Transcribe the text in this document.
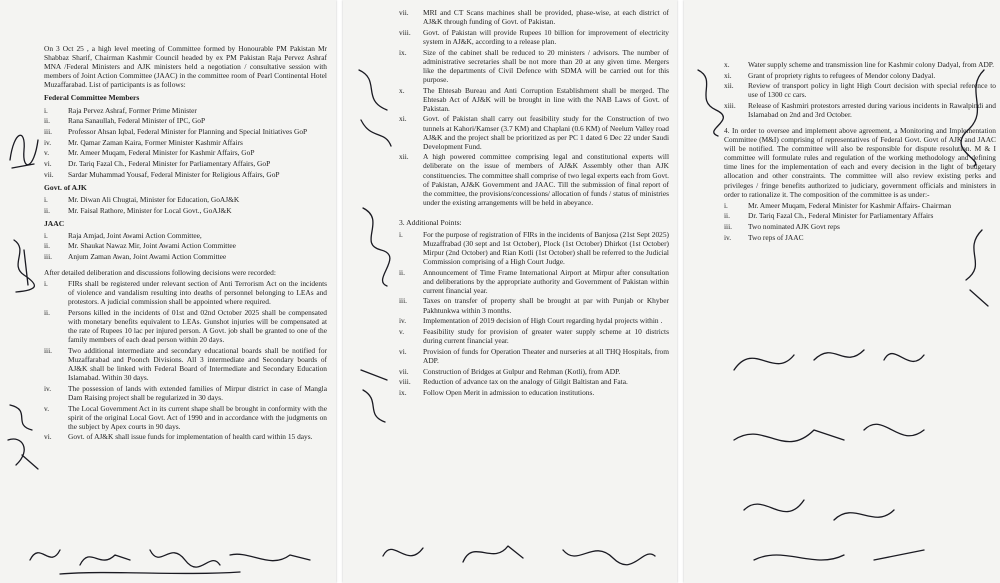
On 3 Oct 25 , a high level meeting of Committee formed by Honourable PM Pakistan Mr Shabbaz Sharif, Chairman Kashmir Council headed by ex PM Pakistan Raja Pervez Ashraf MNA /Federal Ministers and AJK ministers held a negotiation / consultative session with members of Joint Action Committee (JAAC) in the committee room of Pearl Continental Hotel Muzaffarabad. List of participants is as follows:

Federal Committee Members
i.	Raja Pervez Ashraf, Former Prime Minister
ii.	Rana Sanaullah, Federal Minister of IPC, GoP
iii.	Professor Ahsan Iqbal, Federal Minister for Planning and Special Initiatives GoP
iv.	Mr. Qamar Zaman Kaira, Former Minister Kashmir Affairs
v.	Mr. Ameer Muqam, Federal Minister for Kashmir Affairs, GoP
vi.	Dr. Tariq Fazal Ch., Federal Minister for Parliamentary Affairs, GoP
vii.	Sardar Muhammad Yousaf, Federal Minister for Religious Affairs, GoP
Govt. of AJK
i.	Mr. Diwan Ali Chugtai, Minister for Education, GoAJ&K
ii.	Mr. Faisal Rathore, Minister for Local Govt., GoAJ&K
JAAC
i.	Raja Amjad, Joint Awami Action Committee,
ii.	Mr. Shaukat Nawaz Mir, Joint Awami Action Committee
iii.	Anjum Zaman Awan, Joint Awami Action Committee

After detailed deliberation and discussions following decisions were recorded:

i.	FIRs shall be registered under relevant section of Anti Terrorism Act on the incidents of violence and vandalism resulting into deaths of personnel belonging to LEAs and protestors. A judicial commission shall be appointed where required.
ii.	Persons killed in the incidents of 01st and 02nd October 2025 shall be compensated with monetary benefits equivalent to LEAs. Gunshot injuries will be compensated at the rate of Rupees 10 lac per injured person. A Govt. job shall be granted to one of the family members of each dead person within 20 days.
iii.	Two additional intermediate and secondary educational boards shall be notified for Muzaffarabad and Poonch Divisions. All 3 intermediate and Secondary boards of AJ&K shall be linked with Federal Board of Intermediate and Secondary Education Islamabad. Within 30 days.
iv.	The possession of lands with extended families of Mirpur district in case of Mangla Dam Raising project shall be regularized in 30 days.
v.	The Local Government Act in its current shape shall be brought in conformity with the spirit of the original Local Govt. Act of 1990 and in accordance with the judgments on the subject by Apex courts in 90 days.
vi.	Govt. of AJ&K shall issue funds for implementation of health card within 15 days.
vii.	MRI and CT Scans machines shall be provided, phase-wise, at each district of AJ&K through funding of Govt. of Pakistan.
viii.	Govt. of Pakistan will provide Rupees 10 billion for improvement of electricity system in AJ&K, according to a release plan.
ix.	Size of the cabinet shall be reduced to 20 ministers / advisors. The number of administrative secretaries shall be not more than 20 at any given time. Mergers like the departments of Civil Defence with SDMA will be carried out for this purpose.
x.	The Ehtesab Bureau and Anti Corruption Establishment shall be merged. The Ehtesab Act of AJ&K will be brought in line with the NAB Laws of Govt. of Pakistan.
xi.	Govt. of Pakistan shall carry out feasibility study for the Construction of two tunnels at Kahori/Kamser (3.7 KM) and Chaplani (0.6 KM) of Neelum Valley road AJ&K and the project shall be prioritized as per PC 1 dated 6 Dec 22 under Saudi Development Fund.
xii.	A high powered committee comprising legal and constitutional experts will deliberate on the issue of members of AJ&K Assembly other than AJK constituencies. The committee shall comprise of two legal experts each from Govt. of Pakistan, AJ&K Government and JAAC. Till the submission of final report of the committee, the provisions/concessions/ allocation of funds / status of ministries under the existing arrangements will be held in abeyance.
3. Additional Points:
i.	For the purpose of registration of FIRs in the incidents of Banjosa (21st Sept 2025) Muzaffrabad (30 sept and 1st October), Plock (1st October) Dhirkot (1st October) Mirpur (2nd October) and Rian Kotli (1st October) shall be referred to the Judicial Commission comprising of a High Court Judge.
ii.	Announcement of Time Frame International Airport at Mirpur after consultation and deliberations by the appropriate authority and Government of Pakistan within current financial year.
iii.	Taxes on transfer of property shall be brought at par with Punjab or Khyber Pakhtunkwa within 3 months.
iv.	Implementation of 2019 decision of High Court regarding hydal projects within .
v.	Feasibility study for provision of greater water supply scheme at 10 districts during current financial year.
vi.	Provision of funds for Operation Theater and nurseries at all THQ Hospitals, from ADP.
vii.	Construction of Bridges at Gulpur and Rehman (Kotli), from ADP.
viii.	Reduction of advance tax on the analogy of Gilgit Baltistan and Fata.
ix.	Follow Open Merit in admission to education institutions.
x.	Water supply scheme and transmission line for Kashmir colony Dadyal, from ADP.
xi.	Grant of propriety rights to refugees of Mendor colony Dadyal.
xii.	Review of transport policy in light High Court decision with special reference to use of 1300 cc cars.
xiii.	Release of Kashmiri protestors arrested during various incidents in Rawalpindi and Islamabad on 2nd and 3rd October.

4. In order to oversee and implement above agreement, a Monitoring and Implementation Committee (M&I) comprising of representatives of Federal Govt. Govt of AJK and JAAC will be notified. The committee will also be responsible for dispute resolution. M & I committee will formulate rules and regulation of the working methodology and defining time lines for the implementation of each and every decision in the light of budgetary allocation and other constraints. The committee will also review existing perks and privileges / fringe benefits authorized to judiciary, government officials and ministers in order to rationalize it. The composition of the committee is as under:-

i.	Mr. Ameer Muqam, Federal Minister for Kashmir Affairs- Chairman
ii.	Dr. Tariq Fazal Ch., Federal Minister for Parliamentary Affairs
iii.	Two nominated AJK Govt reps
iv.	Two reps of JAAC
